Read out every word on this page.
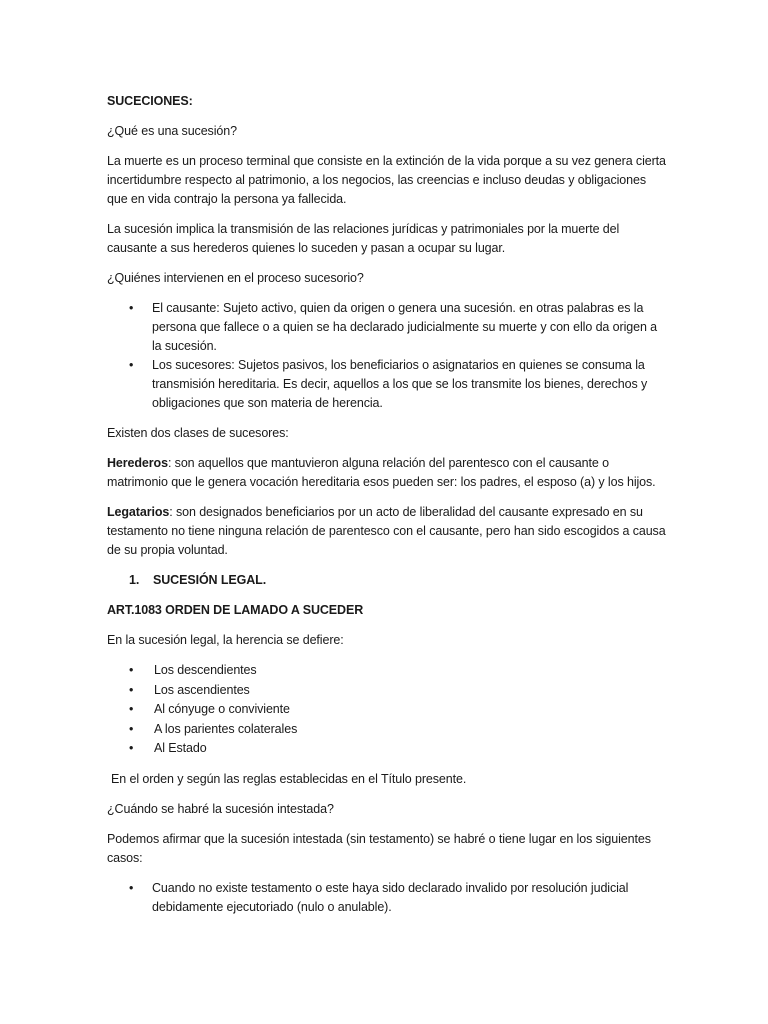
SUCECIONES:
¿Qué es una sucesión?
La muerte es un proceso terminal que consiste en la extinción de la vida porque a su vez genera cierta incertidumbre respecto al patrimonio, a los negocios, las creencias e incluso deudas y obligaciones que en vida contrajo la persona ya fallecida.
La sucesión implica la transmisión de las relaciones jurídicas y patrimoniales por la muerte del causante a sus herederos quienes lo suceden y pasan a ocupar su lugar.
¿Quiénes intervienen en el proceso sucesorio?
• El causante: Sujeto activo, quien da origen o genera una sucesión. en otras palabras es la persona que fallece o a quien se ha declarado judicialmente su muerte y con ello da origen a la sucesión.
• Los sucesores: Sujetos pasivos, los beneficiarios o asignatarios en quienes se consuma la transmisión hereditaria. Es decir, aquellos a los que se los transmite los bienes, derechos y obligaciones que son materia de herencia.
Existen dos clases de sucesores:
Herederos: son aquellos que mantuvieron alguna relación del parentesco con el causante o matrimonio que le genera vocación hereditaria esos pueden ser: los padres, el esposo (a) y los hijos.
Legatarios: son designados beneficiarios por un acto de liberalidad del causante expresado en su testamento no tiene ninguna relación de parentesco con el causante, pero han sido escogidos a causa de su propia voluntad.
1. SUCESIÓN LEGAL.
ART.1083 ORDEN DE LAMADO A SUCEDER
En la sucesión legal, la herencia se defiere:
• Los descendientes
• Los ascendientes
• Al cónyuge o conviviente
• A los parientes colaterales
• Al Estado
En el orden y según las reglas establecidas en el Título presente.
¿Cuándo se habré la sucesión intestada?
Podemos afirmar que la sucesión intestada (sin testamento) se habré o tiene lugar en los siguientes casos:
• Cuando no existe testamento o este haya sido declarado invalido por resolución judicial debidamente ejecutoriado (nulo o anulable).
